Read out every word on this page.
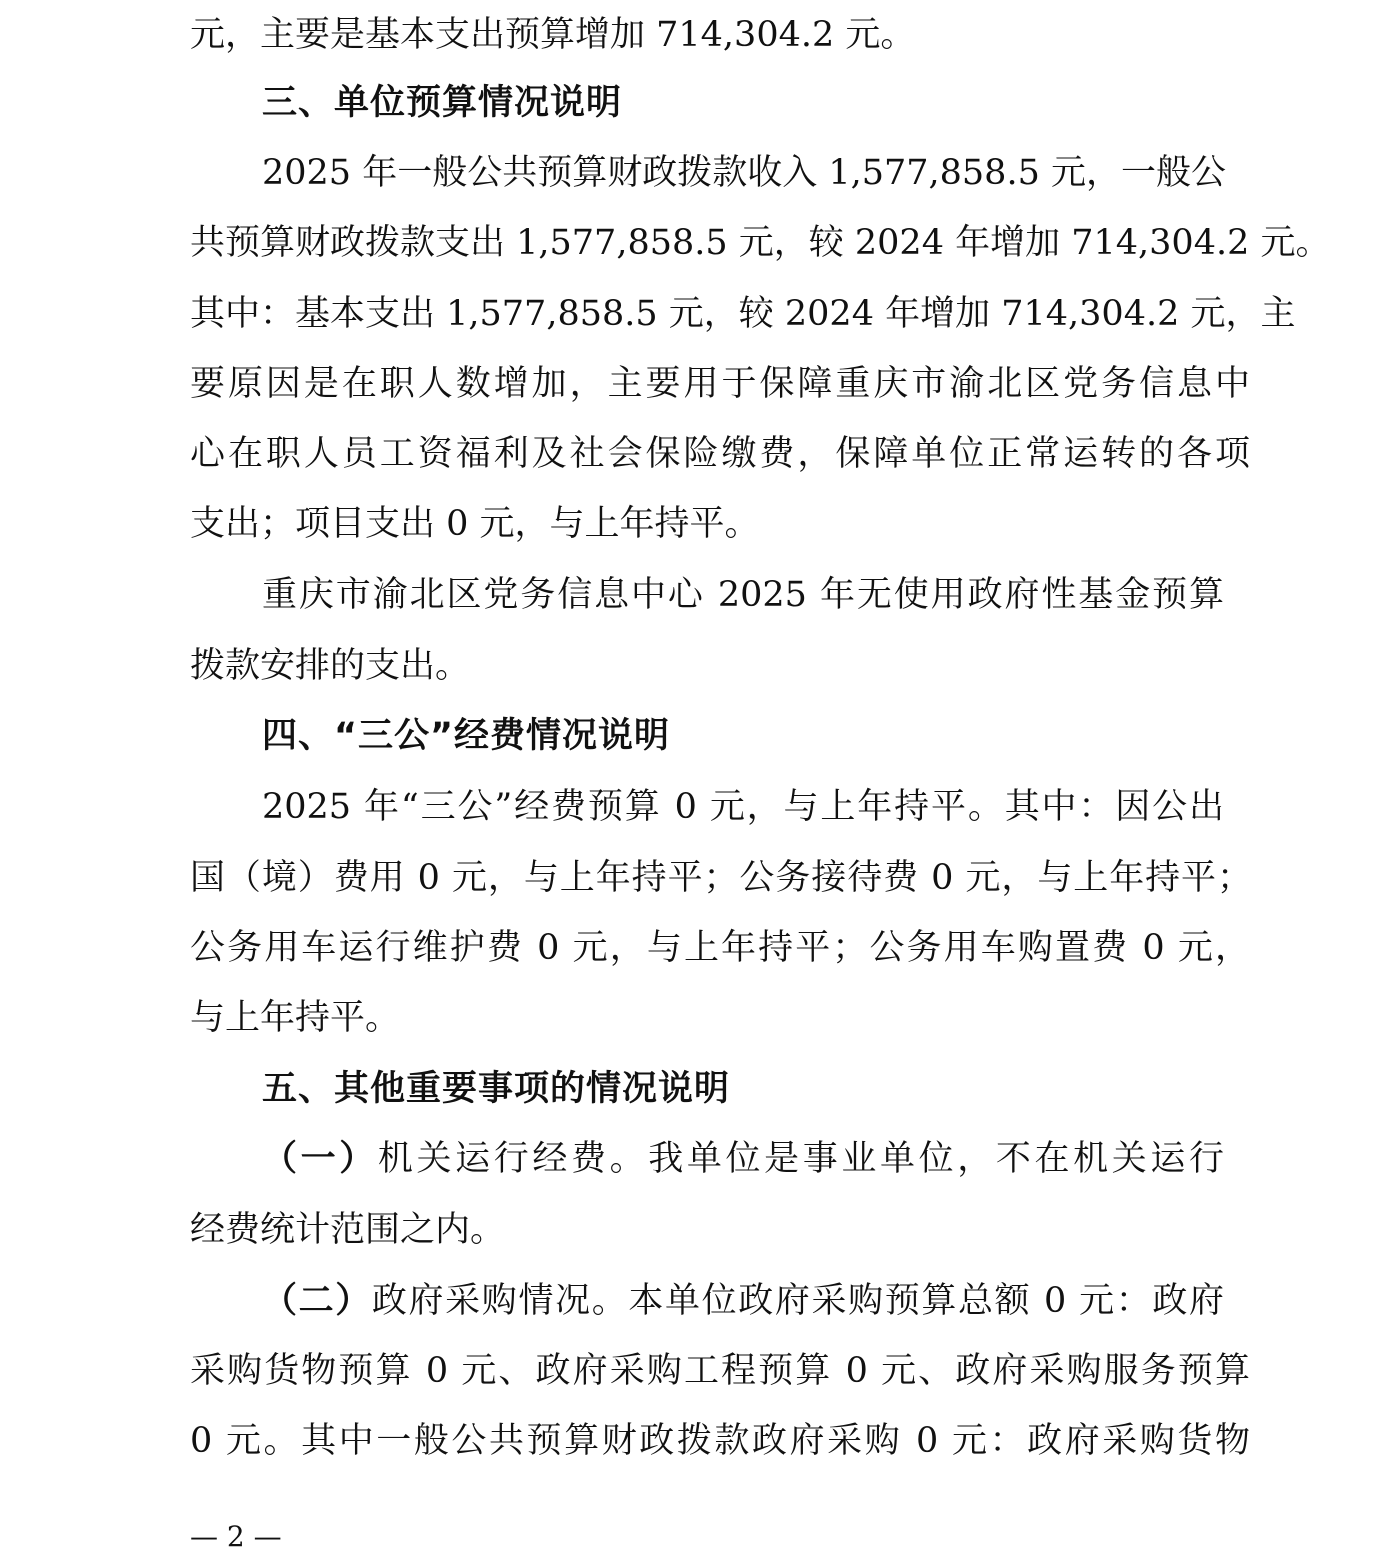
元，主要是基本支出预算增加 714,304.2 元。
三、单位预算情况说明
2025 年一般公共预算财政拨款收入 1,577,858.5 元，一般公
共预算财政拨款支出 1,577,858.5 元，较 2024 年增加 714,304.2 元。
其中：基本支出 1,577,858.5 元，较 2024 年增加 714,304.2 元，主
要原因是在职人数增加，主要用于保障重庆市渝北区党务信息中
心在职人员工资福利及社会保险缴费，保障单位正常运转的各项
支出；项目支出 0 元，与上年持平。
重庆市渝北区党务信息中心 2025 年无使用政府性基金预算
拨款安排的支出。
四、“三公”经费情况说明
2025 年“三公”经费预算 0 元，与上年持平。其中：因公出
国（境）费用 0 元，与上年持平；公务接待费 0 元，与上年持平；
公务用车运行维护费 0 元，与上年持平；公务用车购置费 0 元，
与上年持平。
五、其他重要事项的情况说明
（一）机关运行经费。我单位是事业单位，不在机关运行
经费统计范围之内。
（二）政府采购情况。本单位政府采购预算总额 0 元：政府
采购货物预算 0 元、政府采购工程预算 0 元、政府采购服务预算
0 元。其中一般公共预算财政拨款政府采购 0 元：政府采购货物
— 2 —
